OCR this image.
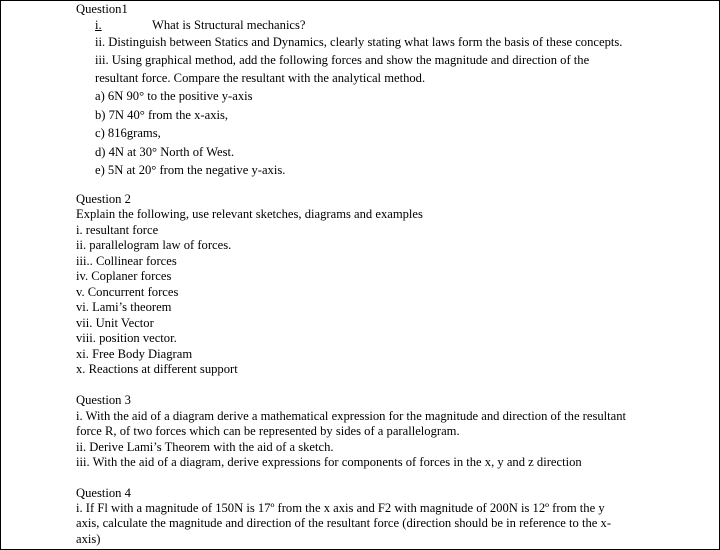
Question1
i.	What is Structural mechanics?
ii. Distinguish between Statics and Dynamics, clearly stating what laws form the basis of these concepts.
iii. Using graphical method, add the following forces and show the magnitude and direction of the
resultant force. Compare the resultant with the analytical method.
a) 6N 90° to the positive y-axis
b) 7N 40° from the x-axis,
c) 816grams,
d) 4N at 30° North of West.
e) 5N at 20° from the negative y-axis.
Question 2
Explain the following, use relevant sketches, diagrams and examples
i. resultant force
ii. parallelogram law of forces.
iii.. Collinear forces
iv. Coplaner forces
v. Concurrent forces
vi. Lami’s theorem
vii. Unit Vector
viii. position vector.
xi. Free Body Diagram
x. Reactions at different support
Question 3
i. With the aid of a diagram derive a mathematical expression for the magnitude and direction of the resultant
force R, of two forces which can be represented by sides of a parallelogram.
ii. Derive Lami’s Theorem with the aid of a sketch.
iii. With the aid of a diagram, derive expressions for components of forces in the x, y and z direction
Question 4
i. If Fl with a magnitude of 150N is 17º from the x axis and F2 with magnitude of 200N is 12º from the y
axis, calculate the magnitude and direction of the resultant force (direction should be in reference to the x-
axis)
